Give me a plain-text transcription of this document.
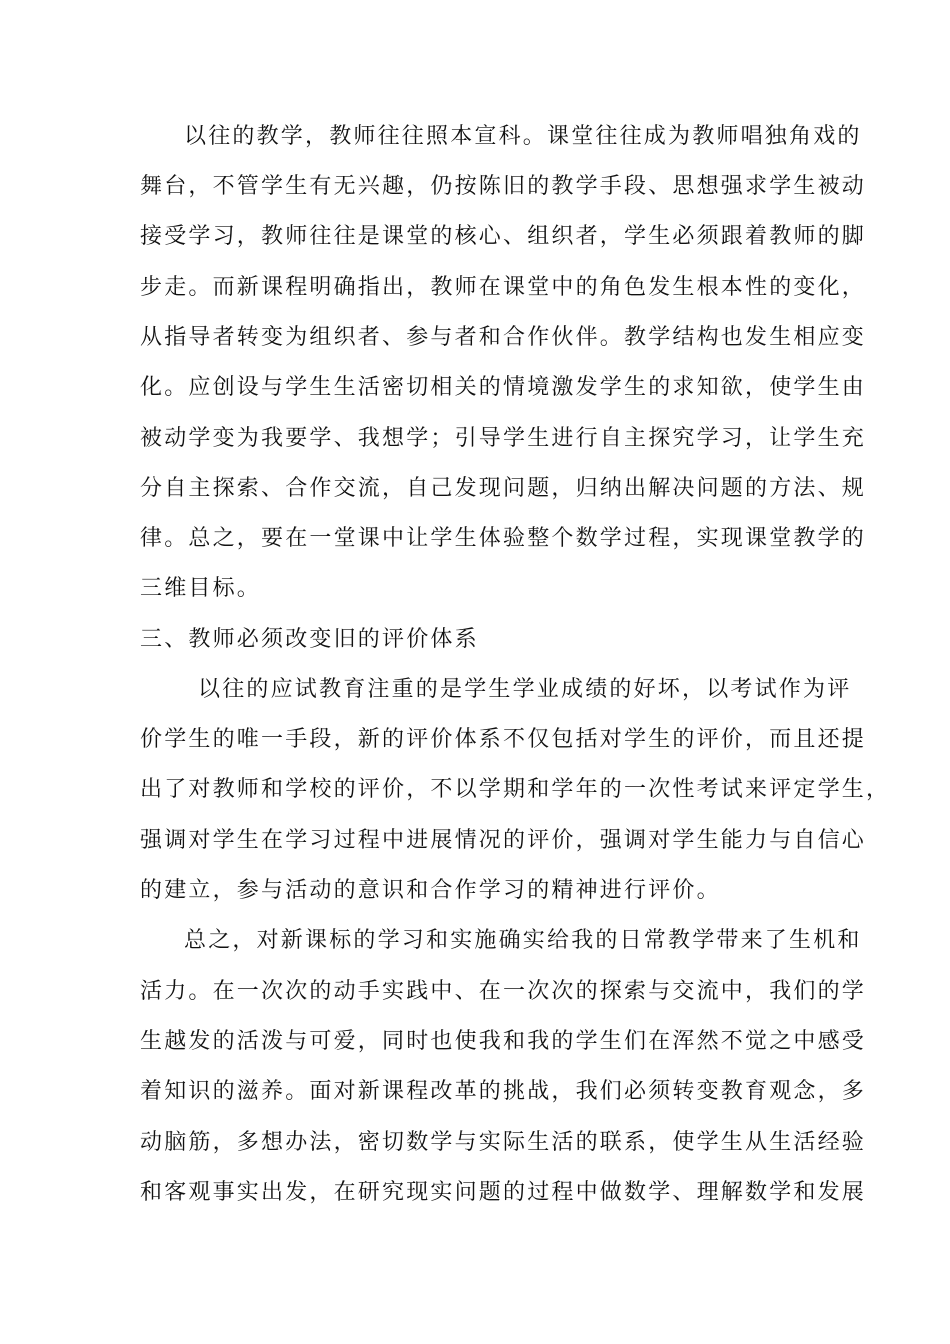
以往的教学，教师往往照本宣科。课堂往往成为教师唱独角戏的
舞台，不管学生有无兴趣，仍按陈旧的教学手段、思想强求学生被动
接受学习，教师往往是课堂的核心、组织者，学生必须跟着教师的脚
步走。而新课程明确指出，教师在课堂中的角色发生根本性的变化，
从指导者转变为组织者、参与者和合作伙伴。教学结构也发生相应变
化。应创设与学生生活密切相关的情境激发学生的求知欲，使学生由
被动学变为我要学、我想学；引导学生进行自主探究学习，让学生充
分自主探索、合作交流，自己发现问题，归纳出解决问题的方法、规
律。总之，要在一堂课中让学生体验整个数学过程，实现课堂教学的
三维目标。
三、教师必须改变旧的评价体系
以往的应试教育注重的是学生学业成绩的好坏，以考试作为评
价学生的唯一手段，新的评价体系不仅包括对学生的评价，而且还提
出了对教师和学校的评价，不以学期和学年的一次性考试来评定学生，
强调对学生在学习过程中进展情况的评价，强调对学生能力与自信心
的建立，参与活动的意识和合作学习的精神进行评价。
总之，对新课标的学习和实施确实给我的日常教学带来了生机和
活力。在一次次的动手实践中、在一次次的探索与交流中，我们的学
生越发的活泼与可爱，同时也使我和我的学生们在浑然不觉之中感受
着知识的滋养。面对新课程改革的挑战，我们必须转变教育观念，多
动脑筋，多想办法，密切数学与实际生活的联系，使学生从生活经验
和客观事实出发，在研究现实问题的过程中做数学、理解数学和发展
